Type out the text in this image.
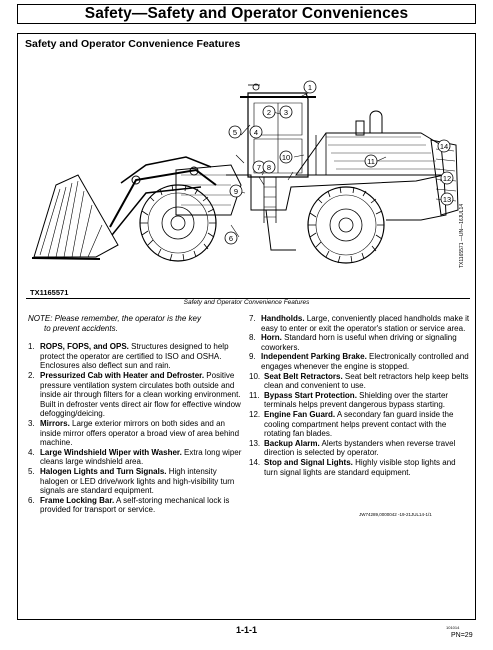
Safety—Safety and Operator Conveniences
Safety and Operator Convenience Features
1
2 3
5 4
7
6
8
9
10	11
12
13
14
TX1165571
TX1165571 —UN—16JUL14
Safety and Operator Convenience Features
NOTE: Please remember, the operator is the key
to prevent accidents.
1. ROPS, FOPS, and OPS. Structures designed to help protect the operator are certified to ISO and OSHA. Enclosures also deflect sun and rain.
2. Pressurized Cab with Heater and Defroster. Positive pressure ventilation system circulates both outside and inside air through filters for a clean working environment. Built in defroster vents direct air flow for effective window defogging/deicing.
3. Mirrors. Large exterior mirrors on both sides and an inside mirror offers operator a broad view of area behind machine.
4. Large Windshield Wiper with Washer. Extra long wiper cleans large windshield area.
5. Halogen Lights and Turn Signals. High intensity halogen or LED drive/work lights and high-visibility turn signals are standard equipment.
6. Frame Locking Bar. A self-storing mechanical lock is provided for transport or service.
7. Handholds. Large, conveniently placed handholds make it easy to enter or exit the operator's station or service area.
8. Horn. Standard horn is useful when driving or signaling coworkers.
9. Independent Parking Brake. Electronically controlled and engages whenever the engine is stopped.
10. Seat Belt Retractors. Seat belt retractors help keep belts clean and convenient to use.
11. Bypass Start Protection. Shielding over the starter terminals helps prevent dangerous bypass starting.
12. Engine Fan Guard. A secondary fan guard inside the cooling compartment helps prevent contact with the rotating fan blades.
13. Backup Alarm. Alerts bystanders when reverse travel direction is selected by operator.
14. Stop and Signal Lights. Highly visible stop lights and turn signal lights are standard equipment.
JW74289,0000042 -19-21JUL14-1/1
1-1-1	101014
PN=29
